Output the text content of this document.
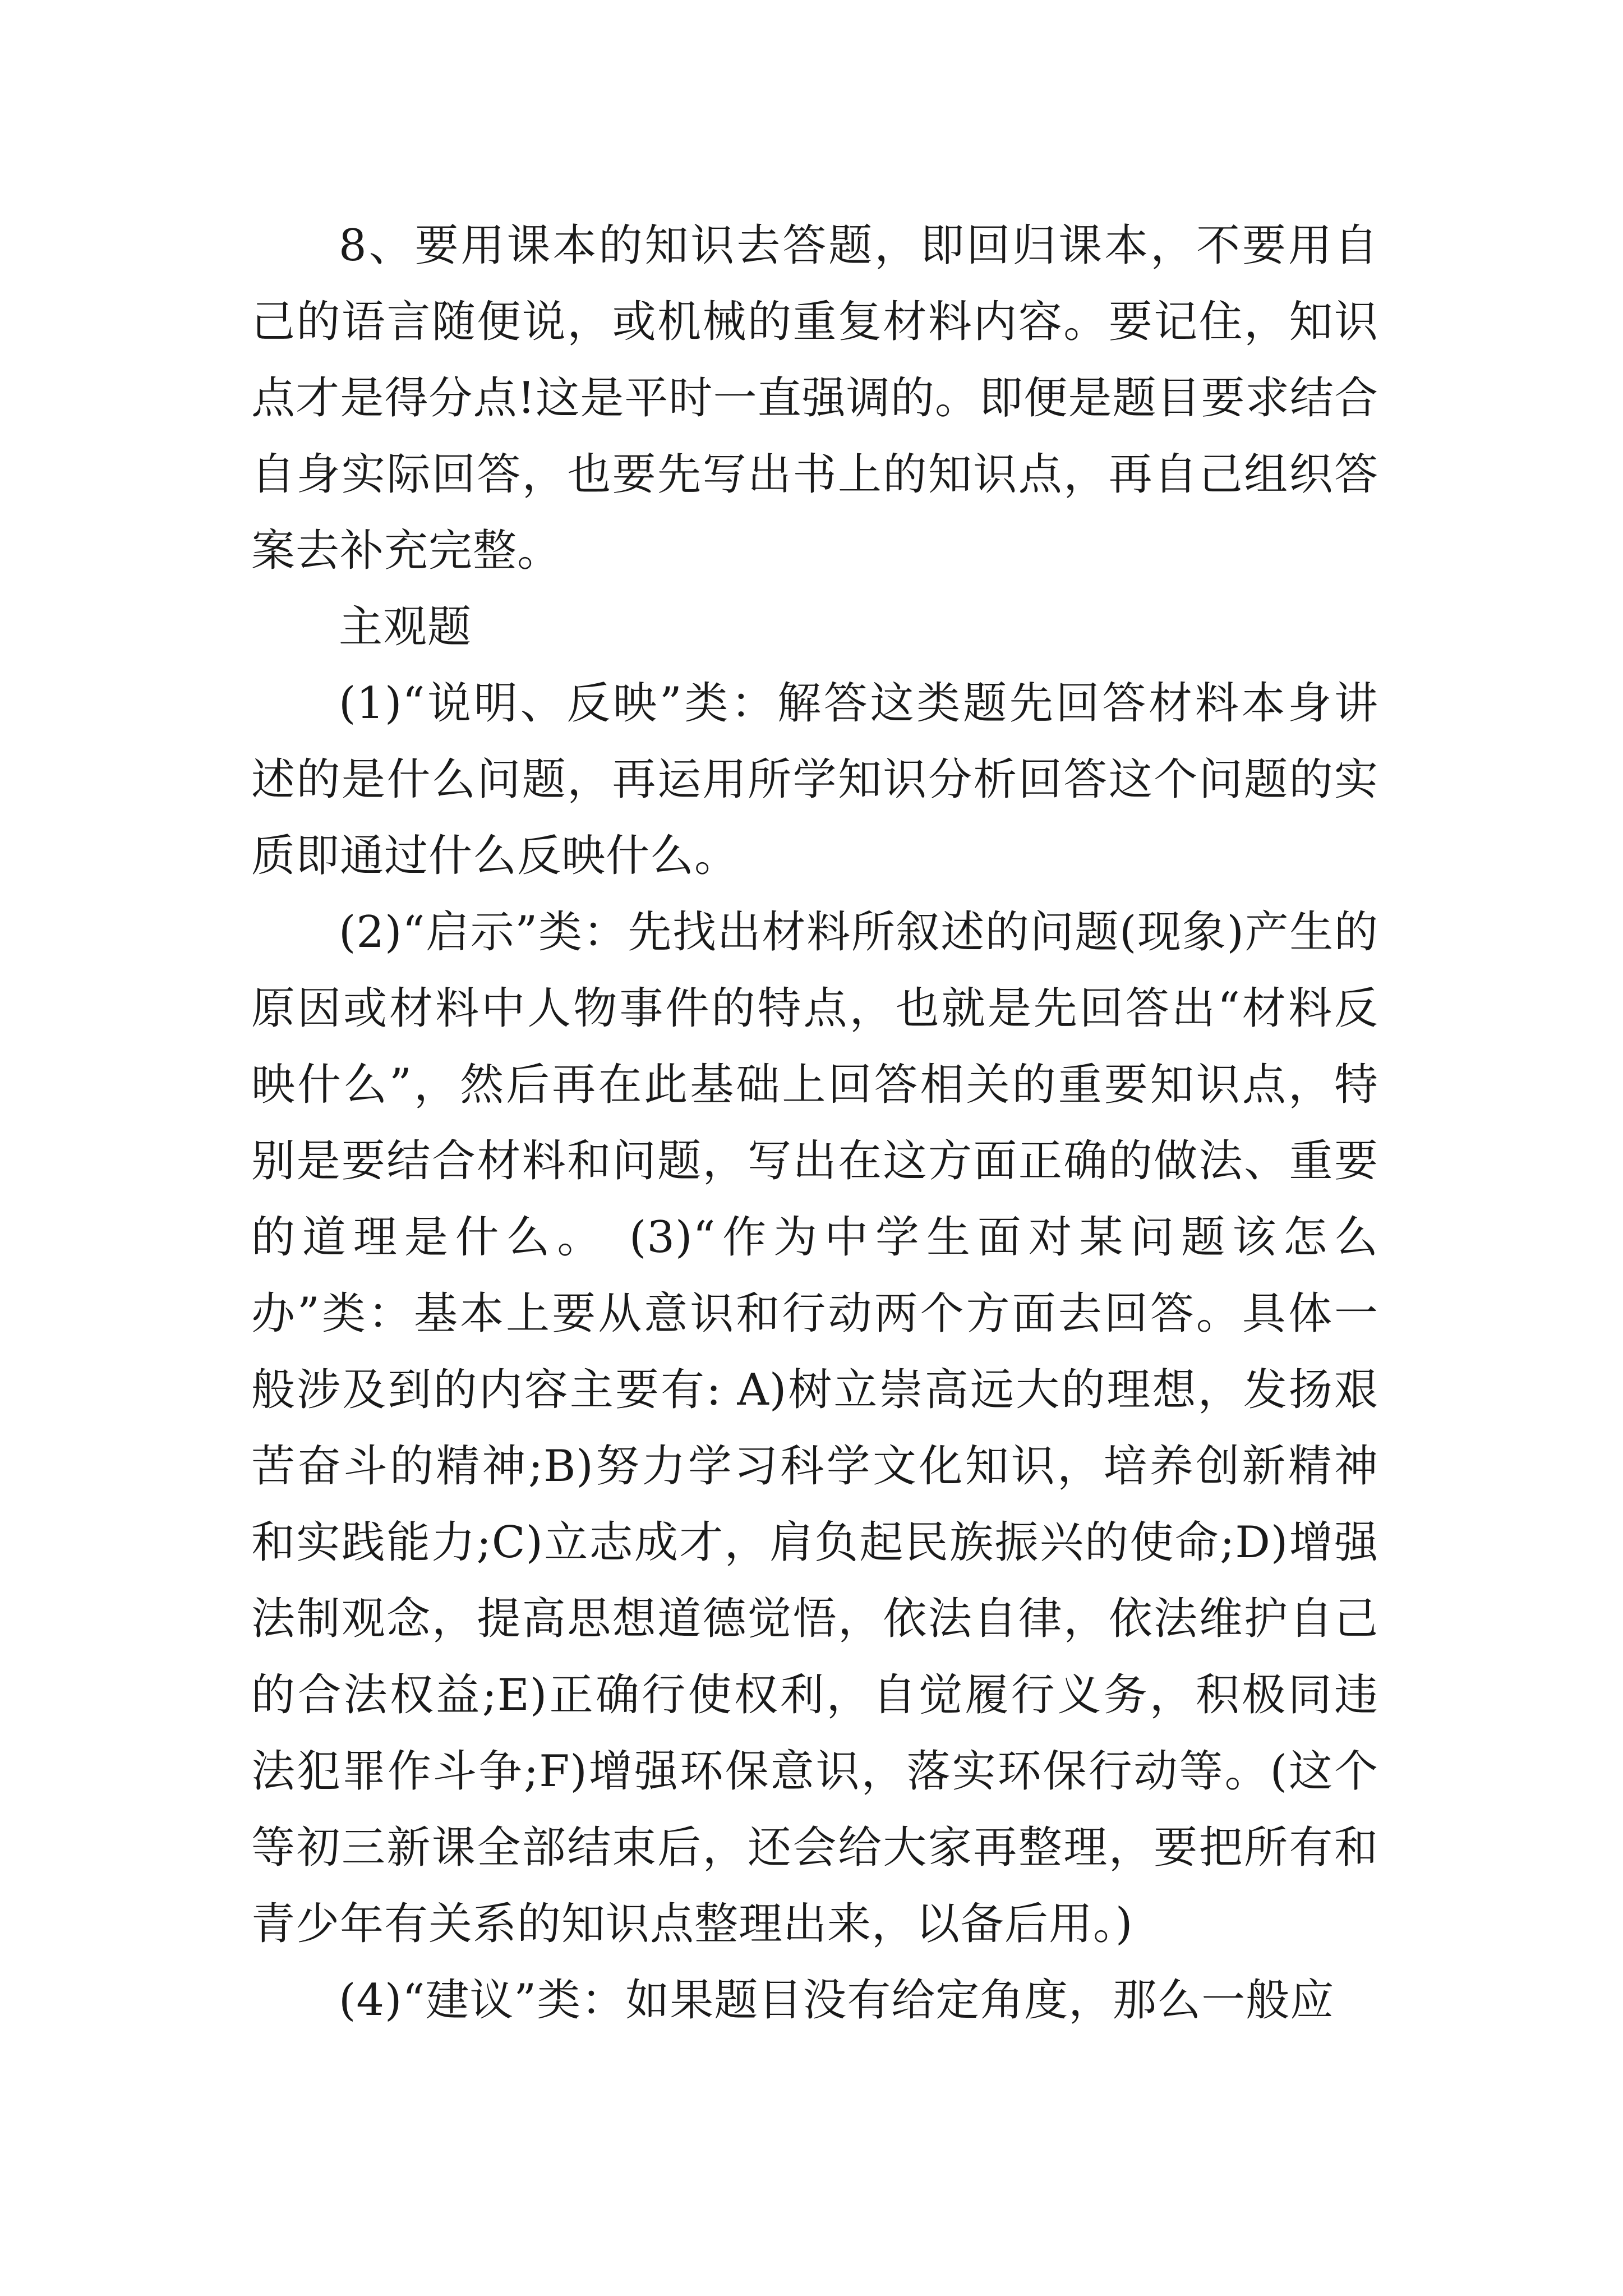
8、要用课本的知识去答题，即回归课本，不要用自己的语言随便说，或机械的重复材料内容。要记住，知识点才是得分点!这是平时一直强调的。即便是题目要求结合自身实际回答，也要先写出书上的知识点，再自己组织答案去补充完整。

主观题

(1)“说明、反映”类：解答这类题先回答材料本身讲述的是什么问题，再运用所学知识分析回答这个问题的实质即通过什么反映什么。

(2)“启示”类：先找出材料所叙述的问题(现象)产生的原因或材料中人物事件的特点，也就是先回答出“材料反映什么”，然后再在此基础上回答相关的重要知识点，特别是要结合材料和问题，写出在这方面正确的做法、重要的道理是什么。 (3)“作为中学生面对某问题该怎么办”类：基本上要从意识和行动两个方面去回答。具体一般涉及到的内容主要有: A)树立崇高远大的理想，发扬艰苦奋斗的精神;B)努力学习科学文化知识，培养创新精神和实践能力;C)立志成才，肩负起民族振兴的使命;D)增强法制观念，提高思想道德觉悟，依法自律，依法维护自己的合法权益;E)正确行使权利，自觉履行义务，积极同违法犯罪作斗争;F)增强环保意识，落实环保行动等。(这个等初三新课全部结束后，还会给大家再整理，要把所有和青少年有关系的知识点整理出来，以备后用。)

(4)“建议”类：如果题目没有给定角度，那么一般应
